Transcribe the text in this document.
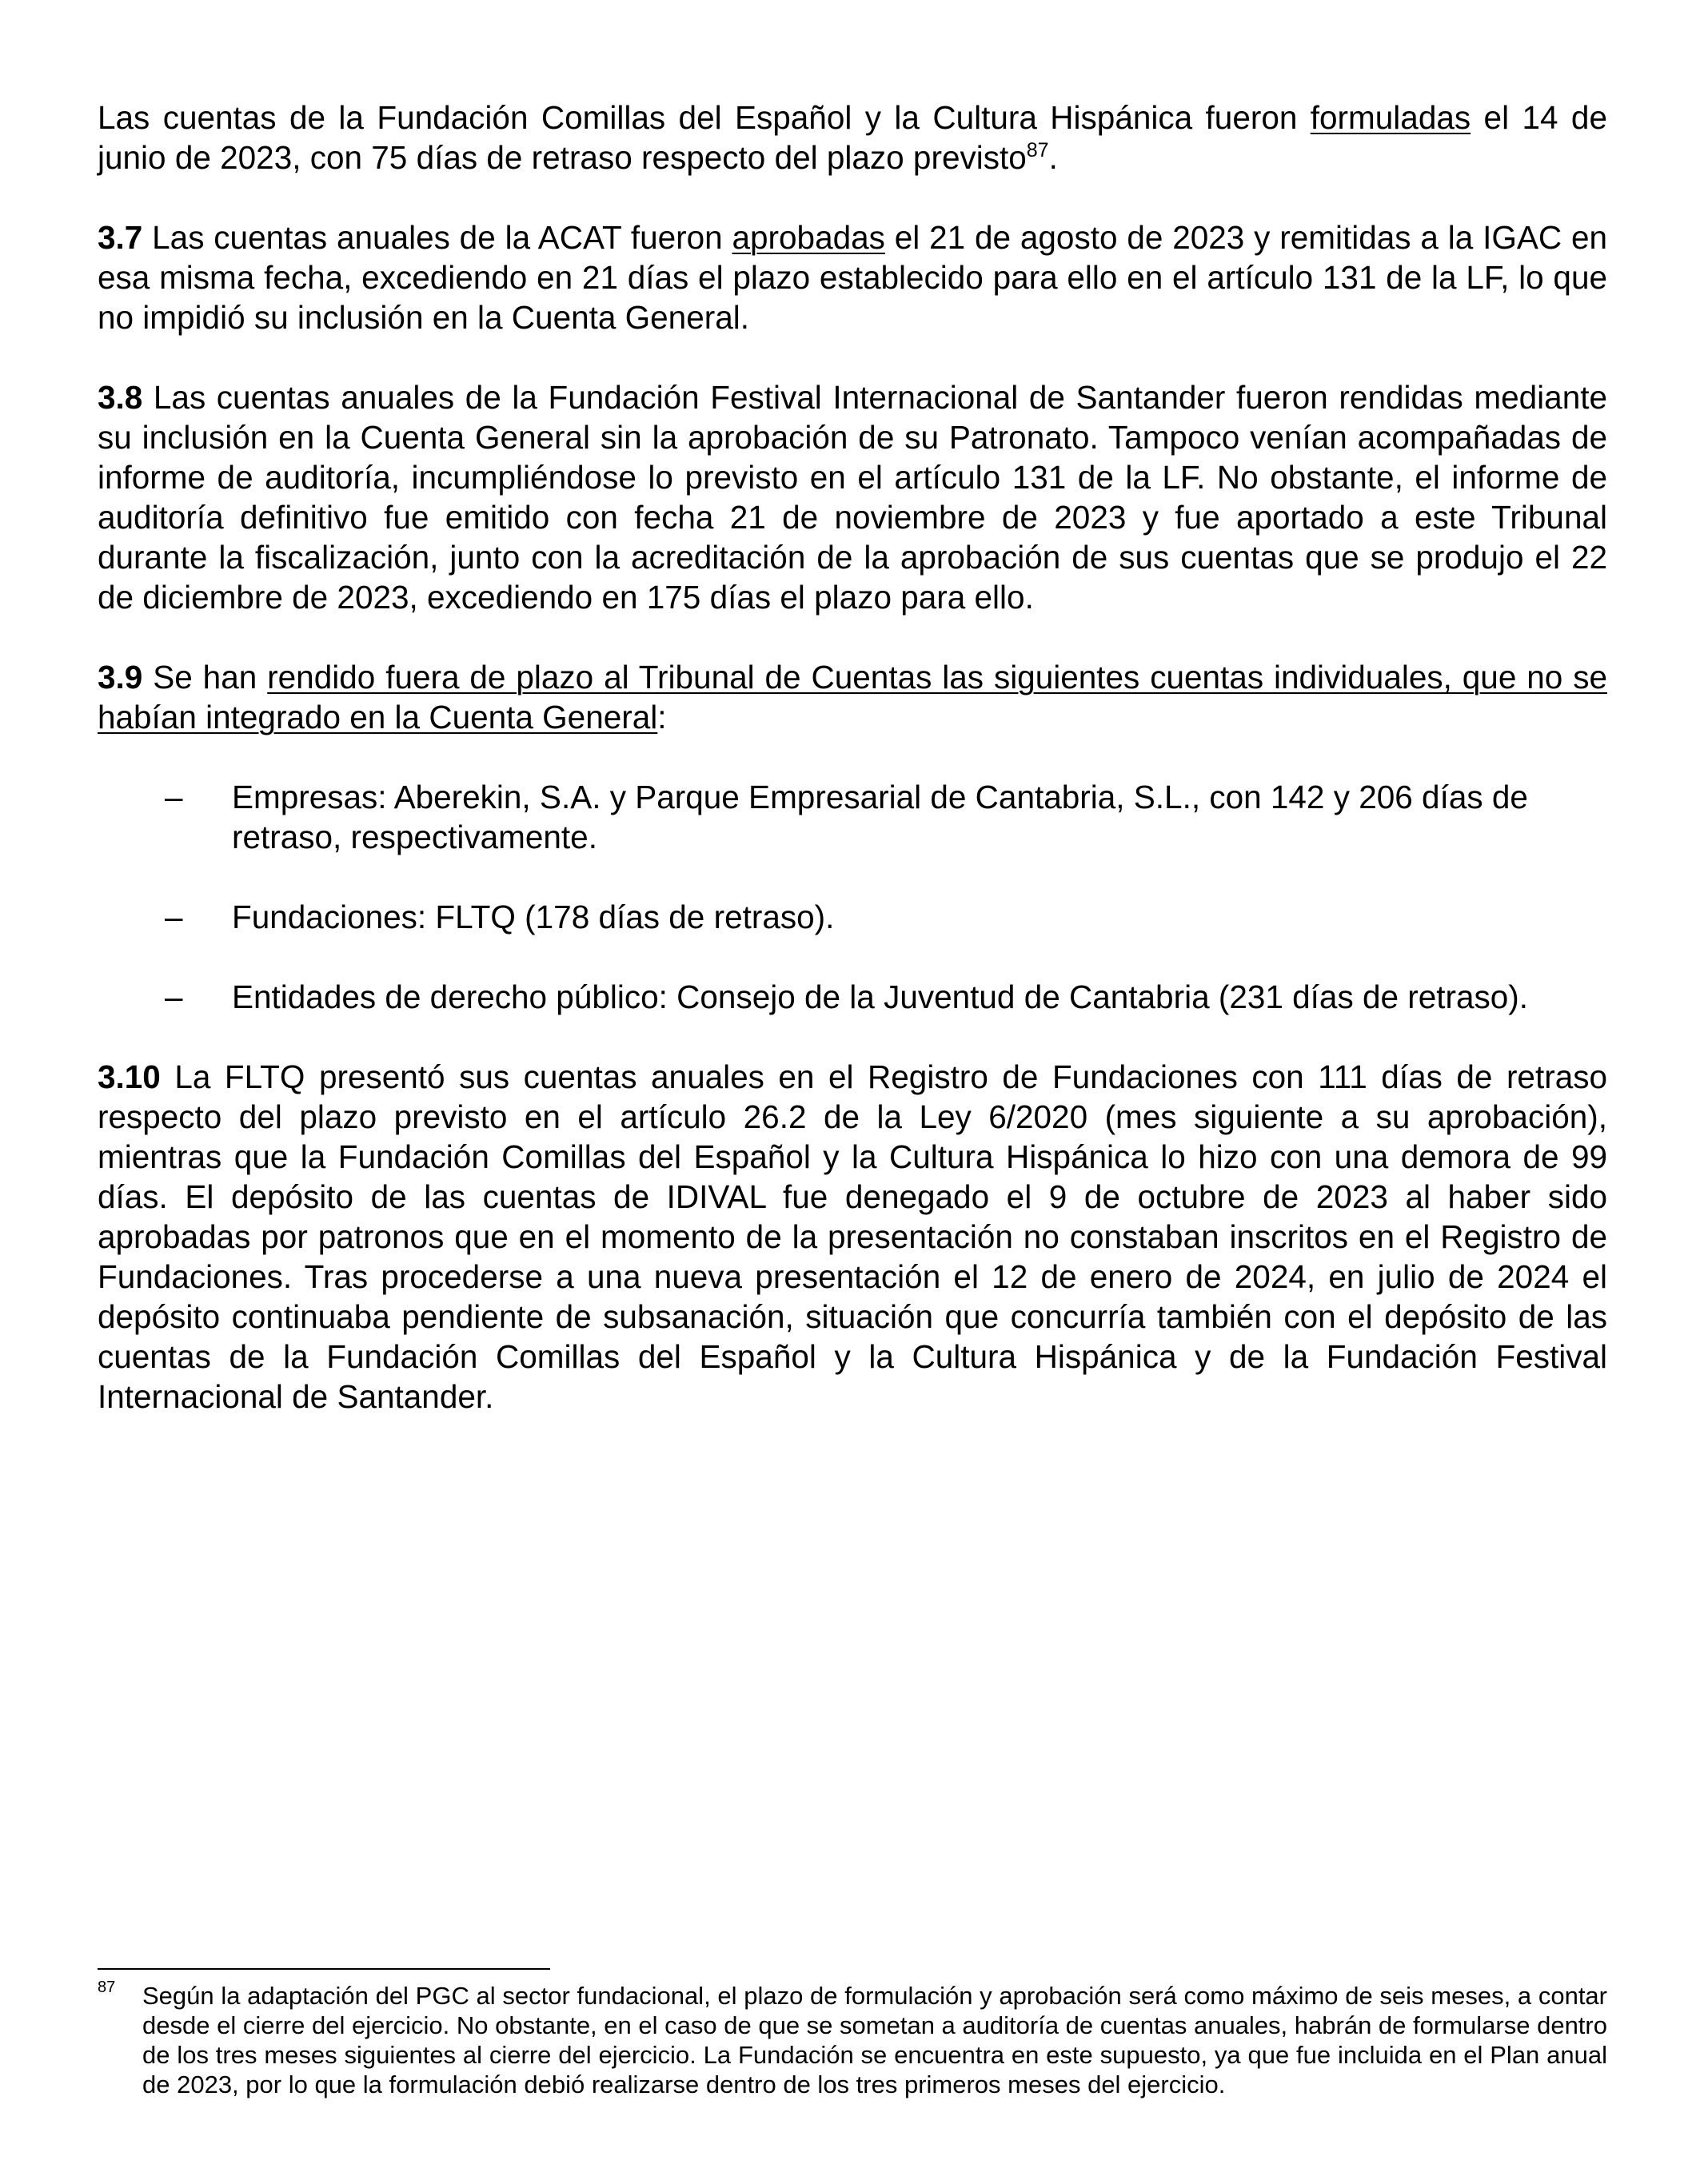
Las cuentas de la Fundación Comillas del Español y la Cultura Hispánica fueron formuladas el 14 de junio de 2023, con 75 días de retraso respecto del plazo previsto$^{87}$.

3.7 Las cuentas anuales de la ACAT fueron aprobadas el 21 de agosto de 2023 y remitidas a la IGAC en esa misma fecha, excediendo en 21 días el plazo establecido para ello en el artículo 131 de la LF, lo que no impidió su inclusión en la Cuenta General.

3.8 Las cuentas anuales de la Fundación Festival Internacional de Santander fueron rendidas mediante su inclusión en la Cuenta General sin la aprobación de su Patronato. Tampoco venían acompañadas de informe de auditoría, incumpliéndose lo previsto en el artículo 131 de la LF. No obstante, el informe de auditoría definitivo fue emitido con fecha 21 de noviembre de 2023 y fue aportado a este Tribunal durante la fiscalización, junto con la acreditación de la aprobación de sus cuentas que se produjo el 22 de diciembre de 2023, excediendo en 175 días el plazo para ello.

3.9 Se han rendido fuera de plazo al Tribunal de Cuentas las siguientes cuentas individuales, que no se habían integrado en la Cuenta General:

– Empresas: Aberekin, S.A. y Parque Empresarial de Cantabria, S.L., con 142 y 206 días de retraso, respectivamente.
– Fundaciones: FLTQ (178 días de retraso).
– Entidades de derecho público: Consejo de la Juventud de Cantabria (231 días de retraso).

3.10 La FLTQ presentó sus cuentas anuales en el Registro de Fundaciones con 111 días de retraso respecto del plazo previsto en el artículo 26.2 de la Ley 6/2020 (mes siguiente a su aprobación), mientras que la Fundación Comillas del Español y la Cultura Hispánica lo hizo con una demora de 99 días. El depósito de las cuentas de IDIVAL fue denegado el 9 de octubre de 2023 al haber sido aprobadas por patronos que en el momento de la presentación no constaban inscritos en el Registro de Fundaciones. Tras procederse a una nueva presentación el 12 de enero de 2024, en julio de 2024 el depósito continuaba pendiente de subsanación, situación que concurría también con el depósito de las cuentas de la Fundación Comillas del Español y la Cultura Hispánica y de la Fundación Festival Internacional de Santander.

87 Según la adaptación del PGC al sector fundacional, el plazo de formulación y aprobación será como máximo de seis meses, a contar desde el cierre del ejercicio. No obstante, en el caso de que se sometan a auditoría de cuentas anuales, habrán de formularse dentro de los tres meses siguientes al cierre del ejercicio. La Fundación se encuentra en este supuesto, ya que fue incluida en el Plan anual de 2023, por lo que la formulación debió realizarse dentro de los tres primeros meses del ejercicio.
